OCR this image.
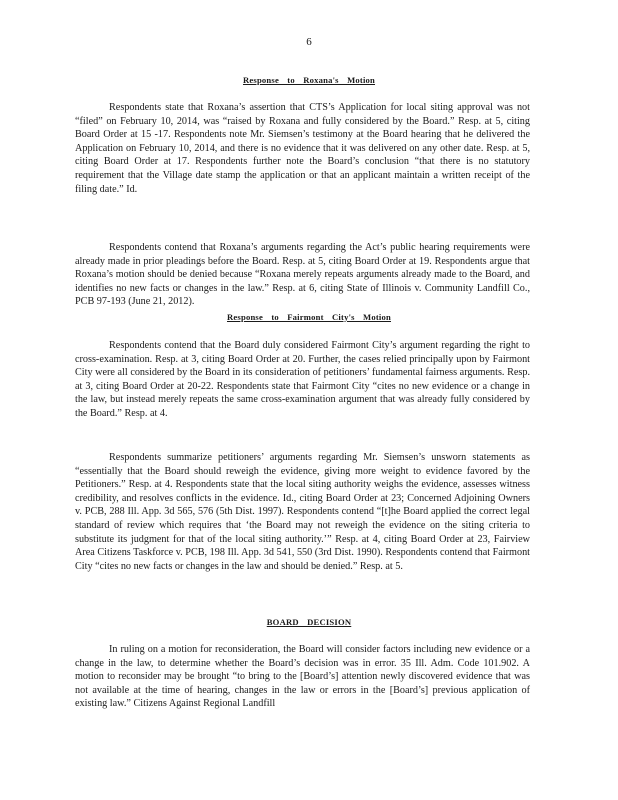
6
Response to Roxana's Motion

Respondents state that Roxana’s assertion that CTS’s Application for local siting approval was not “filed” on February 10, 2014, was “raised by Roxana and fully considered by the Board.” Resp. at 5, citing Board Order at 15 -17. Respondents note Mr. Siemsen’s testimony at the Board hearing that he delivered the Application on February 10, 2014, and there is no evidence that it was delivered on any other date. Resp. at 5, citing Board Order at 17. Respondents further note the Board’s conclusion “that there is no statutory requirement that the Village date stamp the application or that an applicant maintain a written receipt of the filing date.” Id.

Respondents contend that Roxana’s arguments regarding the Act’s public hearing requirements were already made in prior pleadings before the Board. Resp. at 5, citing Board Order at 19. Respondents argue that Roxana’s motion should be denied because “Roxana merely repeats arguments already made to the Board, and identifies no new facts or changes in the law.” Resp. at 6, citing State of Illinois v. Community Landfill Co., PCB 97-193 (June 21, 2012).

Response to Fairmont City's Motion

Respondents contend that the Board duly considered Fairmont City’s argument regarding the right to cross-examination. Resp. at 3, citing Board Order at 20. Further, the cases relied principally upon by Fairmont City were all considered by the Board in its consideration of petitioners’ fundamental fairness arguments. Resp. at 3, citing Board Order at 20-22. Respondents state that Fairmont City “cites no new evidence or a change in the law, but instead merely repeats the same cross-examination argument that was already fully considered by the Board.” Resp. at 4.

Respondents summarize petitioners’ arguments regarding Mr. Siemsen’s unsworn statements as “essentially that the Board should reweigh the evidence, giving more weight to evidence favored by the Petitioners.” Resp. at 4. Respondents state that the local siting authority weighs the evidence, assesses witness credibility, and resolves conflicts in the evidence. Id., citing Board Order at 23; Concerned Adjoining Owners v. PCB, 288 Ill. App. 3d 565, 576 (5th Dist. 1997). Respondents contend “[t]he Board applied the correct legal standard of review which requires that ‘the Board may not reweigh the evidence on the siting criteria to substitute its judgment for that of the local siting authority.’” Resp. at 4, citing Board Order at 23, Fairview Area Citizens Taskforce v. PCB, 198 Ill. App. 3d 541, 550 (3rd Dist. 1990). Respondents contend that Fairmont City “cites no new facts or changes in the law and should be denied.” Resp. at 5.

BOARD DECISION

In ruling on a motion for reconsideration, the Board will consider factors including new evidence or a change in the law, to determine whether the Board’s decision was in error. 35 Ill. Adm. Code 101.902. A motion to reconsider may be brought “to bring to the [Board’s] attention newly discovered evidence that was not available at the time of hearing, changes in the law or errors in the [Board’s] previous application of existing law.” Citizens Against Regional Landfill
